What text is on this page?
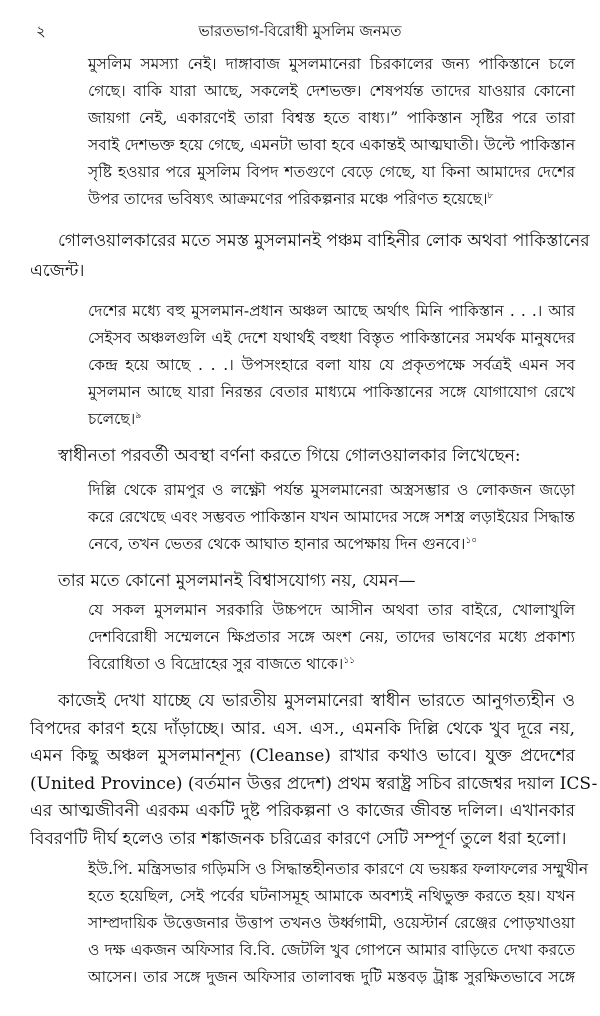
২	ভারতভাগ-বিরোধী মুসলিম জনমত
মুসলিম সমস্যা নেই। দাঙ্গাবাজ মুসলমানেরা চিরকালের জন্য পাকিস্তানে চলে
গেছে। বাকি যারা আছে, সকলেই দেশভক্ত। শেষপর্যন্ত তাদের যাওয়ার কোনো
জায়গা নেই, একারণেই তারা বিশ্বস্ত হতে বাধ্য।” পাকিস্তান সৃষ্টির পরে তারা
সবাই দেশভক্ত হয়ে গেছে, এমনটা ভাবা হবে একান্তই আত্মঘাতী। উল্টে পাকিস্তান
সৃষ্টি হওয়ার পরে মুসলিম বিপদ শতগুণে বেড়ে গেছে, যা কিনা আমাদের দেশের
উপর তাদের ভবিষ্যৎ আক্রমণের পরিকল্পনার মঞ্চে পরিণত হয়েছে।$^৮$
গোলওয়ালকারের মতে সমস্ত মুসলমানই পঞ্চম বাহিনীর লোক অথবা পাকিস্তানের
এজেন্ট।
দেশের মধ্যে বহু মুসলমান-প্রধান অঞ্চল আছে অর্থাৎ মিনি পাকিস্তান . . .। আর
সেইসব অঞ্চলগুলি এই দেশে যথার্থই বহুধা বিস্তৃত পাকিস্তানের সমর্থক মানুষদের
কেন্দ্র হয়ে আছে . . .। উপসংহারে বলা যায় যে প্রকৃতপক্ষে সর্বত্রই এমন সব
মুসলমান আছে যারা নিরন্তর বেতার মাধ্যমে পাকিস্তানের সঙ্গে যোগাযোগ রেখে
চলেছে।$^৯$
স্বাধীনতা পরবর্তী অবস্থা বর্ণনা করতে গিয়ে গোলওয়ালকার লিখেছেন:
দিল্লি থেকে রামপুর ও লক্ষ্ণৌ পর্যন্ত মুসলমানেরা অস্ত্রসম্ভার ও লোকজন জড়ো
করে রেখেছে এবং সম্ভবত পাকিস্তান যখন আমাদের সঙ্গে সশস্ত্র লড়াইয়ের সিদ্ধান্ত
নেবে, তখন ভেতর থেকে আঘাত হানার অপেক্ষায় দিন গুনবে।$^{১০}$
তার মতে কোনো মুসলমানই বিশ্বাসযোগ্য নয়, যেমন—
যে সকল মুসলমান সরকারি উচ্চপদে আসীন অথবা তার বাইরে, খোলাখুলি
দেশবিরোধী সম্মেলনে ক্ষিপ্রতার সঙ্গে অংশ নেয়, তাদের ভাষণের মধ্যে প্রকাশ্য
বিরোধিতা ও বিদ্রোহের সুর বাজতে থাকে।$^{১১}$
কাজেই দেখা যাচ্ছে যে ভারতীয় মুসলমানেরা স্বাধীন ভারতে আনুগত্যহীন ও
বিপদের কারণ হয়ে দাঁড়াচ্ছে। আর. এস. এস., এমনকি দিল্লি থেকে খুব দূরে নয়,
এমন কিছু অঞ্চল মুসলমানশূন্য (Cleanse) রাখার কথাও ভাবে। যুক্ত প্রদেশের
(United Province) (বর্তমান উত্তর প্রদেশ) প্রথম স্বরাষ্ট্র সচিব রাজেশ্বর দয়াল ICS-
এর আত্মজীবনী এরকম একটি দুষ্ট পরিকল্পনা ও কাজের জীবন্ত দলিল। এখানকার
বিবরণটি দীর্ঘ হলেও তার শঙ্কাজনক চরিত্রের কারণে সেটি সম্পূর্ণ তুলে ধরা হলো।
ইউ.পি. মন্ত্রিসভার গড়িমসি ও সিদ্ধান্তহীনতার কারণে যে ভয়ঙ্কর ফলাফলের সম্মুখীন
হতে হয়েছিল, সেই পর্বের ঘটনাসমূহ আমাকে অবশ্যই নথিভুক্ত করতে হয়। যখন
সাম্প্রদায়িক উত্তেজনার উত্তাপ তখনও উর্ধ্বগামী, ওয়েস্টার্ন রেঞ্জের পোড়খাওয়া
ও দক্ষ একজন অফিসার বি.বি. জেটলি খুব গোপনে আমার বাড়িতে দেখা করতে
আসেন। তার সঙ্গে দুজন অফিসার তালাবন্ধ দুটি মস্তবড় ট্রাঙ্ক সুরক্ষিতভাবে সঙ্গে
